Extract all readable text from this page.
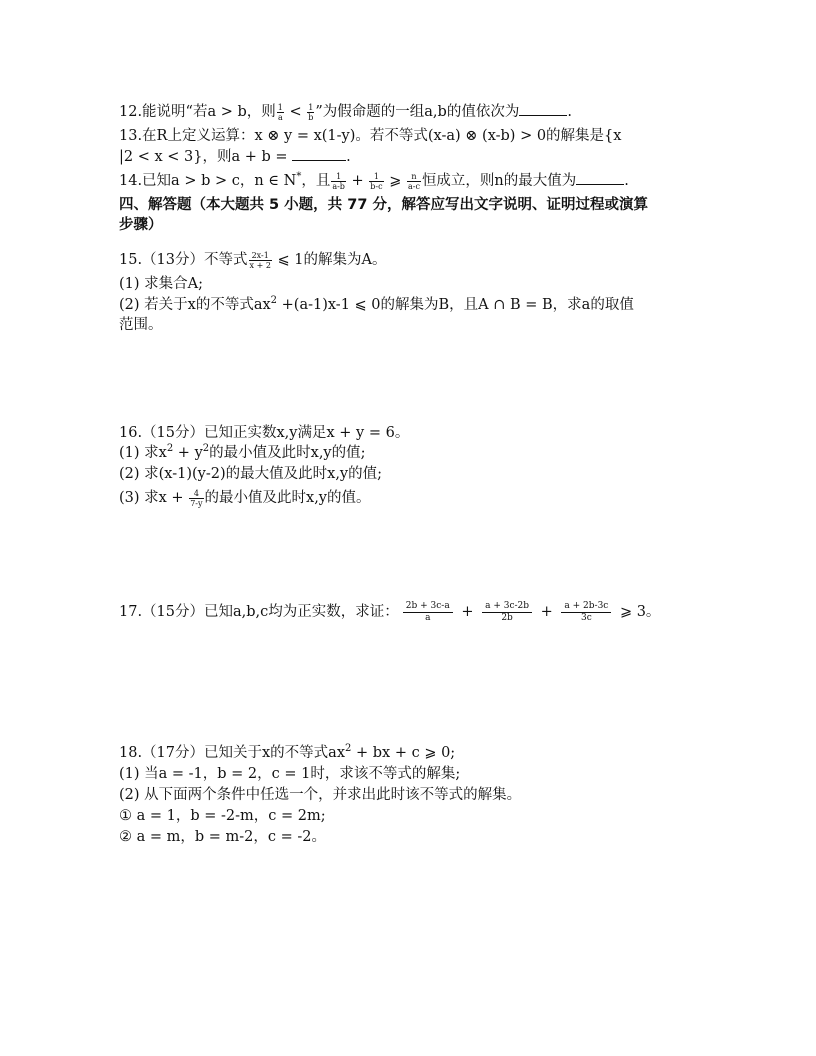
12.能说明“若a > b，则 $\frac{1}{a} < \frac{1}{b}$ ”为假命题的一组a,b的值依次为	.
13.在R上定义运算：x ⊗ y = x(1-y)。若不等式(x-a) ⊗ (x-b) > 0的解集是{x
|2 < x < 3}，则a + b =	.
14.已知a > b > c，n ∈ N*，且 $\frac{1}{a-b} + \frac{1}{b-c}$ ⩾ $\frac{n}{a-c}$ 恒成立，则n的最大值为	.
四、解答题（本大题共 5 小题，共 77 分，解答应写出文字说明、证明过程或演算
步骤）
15.（13分）不等式 $\frac{2x-1}{x + 2}$ ⩽ 1的解集为A。
(1) 求集合A;
(2) 若关于x的不等式$ax^2 +(a-1)x-1$ ⩽ 0的解集为B，且A ∩ B = B，求a的取值
范围。
16.（15分）已知正实数x,y满足x + y = 6。
(1) 求$x^2 + y^2$的最小值及此时x,y的值;
(2) 求(x-1)(y-2)的最大值及此时x,y的值;
(3) 求$x + \frac{4}{7-y}$ 的最小值及此时x,y的值。
17.（15分）已知a,b,c均为正实数，求证： $\frac{2b + 3c-a}{a} + \frac{a + 3c-2b}{2b} + \frac{a + 2b-3c}{3c}$ ⩾ 3。
18.（17分）已知关于x的不等式$ax^2$ + bx + c ⩾ 0;
(1) 当a = -1，b = 2，c = 1时，求该不等式的解集;
(2) 从下面两个条件中任选一个，并求出此时该不等式的解集。
① a = 1，b = -2-m，c = 2m;
② a = m，b = m-2，c = -2。
